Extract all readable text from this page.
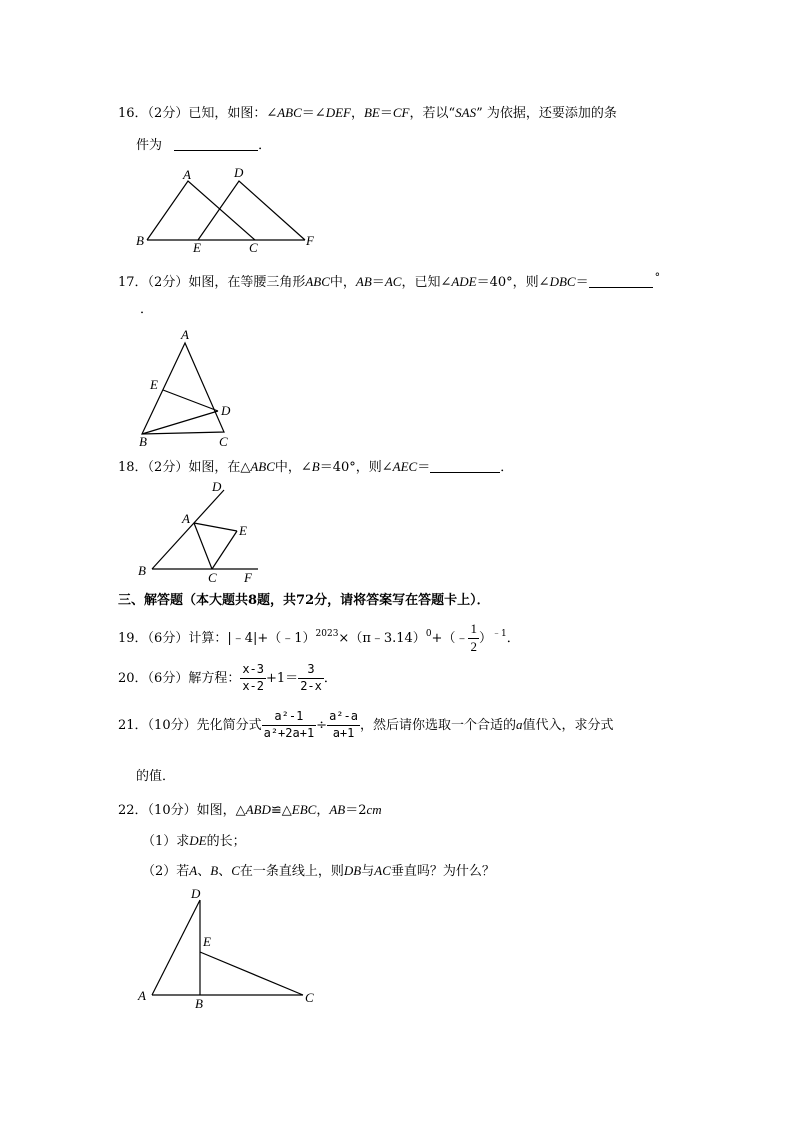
16．（2分）已知，如图：∠ABC＝∠DEF，BE＝CF，若以“SAS” 为依据，还要添加的条
件为	．
A	D
B	E	C	F
17．（2分）如图，在等腰三角形ABC中，AB＝AC，已知∠ADE＝40°，则∠DBC＝	°
．
A
E
D
B	C
18．（2分）如图，在△ABC中，∠B＝40°，则∠AEC＝	．
D
A
E
B	C F
三、解答题（本大题共8题，共72分，请将答案写在答题卡上）．
19．（6分）计算：|﹣4|+（﹣1）$^{2023}$×（π﹣3.14）$^0$+（﹣ $\frac{1}{2} )^{﹣1}$．
20．（6分）解方程： $\frac{x-3}{x-2} +1= \frac{3}{2-x}$ ．
21．（10分）先化简分式 $\frac{\text{a²-1}}{\text{a²+2a+1}} \div \frac{\text{a²-a}}{a+1}$ ，然后请你选取一个合适的a值代入，求分式
的值．
22．（10分）如图，△ABD≌△EBC，AB＝2cm
（1）求DE的长；
（2）若A、B、C在一条直线上，则DB与AC垂直吗？为什么？
D
E
A
B	C
